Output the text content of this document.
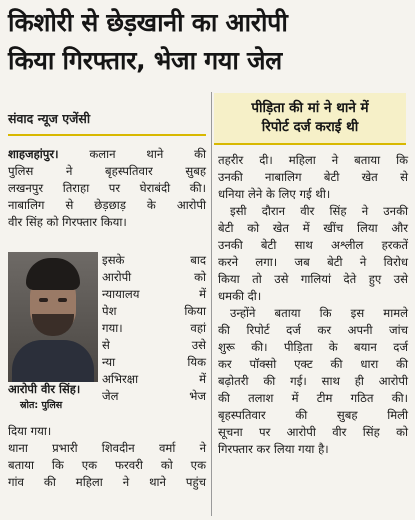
किशोरी से छेड़खानी का आरोपी
किया गिरफ्तार, भेजा गया जेल
संवाद न्यूज एजेंसी
पीड़िता की मां ने थाने में
रिपोर्ट दर्ज कराई थी
शाहजहांपुर।	कलान थाने की
पुलिस ने बृहस्पतिवार सुबह
लखनपुर तिराहा पर घेराबंदी की।
नाबालिग से छेड़छाड़ के आरोपी
वीर सिंह को गिरफ्तार किया।
आरोपी वीर सिंह।
स्रोत: पुलिस
इसके बाद
आरोपी को
न्यायालय में
पेश किया
गया। वहां
से उसे
न्या यिक
अभिरक्षा में
जेल भेज
दिया गया।
थाना प्रभारी शिवदीन वर्मा ने
बताया कि एक फरवरी को एक
गांव की महिला ने थाने पहुंच
तहरीर दी। महिला ने बताया कि
उनकी नाबालिग बेटी खेत से
धनिया लेने के लिए गई थी।
इसी दौरान वीर सिंह ने उनकी
बेटी को खेत में खींच लिया और
उनकी बेटी साथ अश्लील हरकतें
करने लगा। जब बेटी ने विरोध
किया तो उसे गालियां देते हुए उसे
धमकी दी।
उन्होंने बताया कि इस मामले
की रिपोर्ट दर्ज कर अपनी जांच
शुरू की। पीड़िता के बयान दर्ज
कर पॉक्सो एक्ट की धारा की
बढ़ोतरी की गई। साथ ही आरोपी
की तलाश में टीम गठित की।
बृहस्पतिवार की सुबह मिली
सूचना पर आरोपी वीर सिंह को
गिरफ्तार कर लिया गया है।
